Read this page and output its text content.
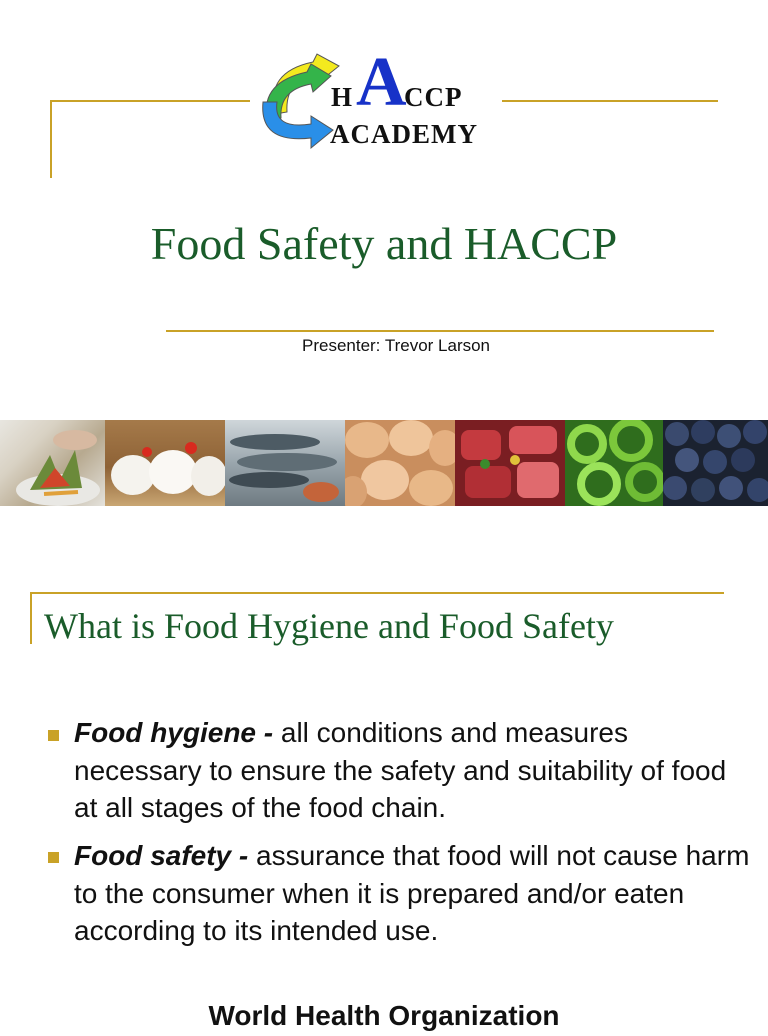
H A
CCP
ACADEMY
Food Safety and HACCP
Presenter: Trevor Larson
What is Food Hygiene and Food Safety
Food hygiene - all conditions and measures necessary to ensure the safety and suitability of food at all stages of the food chain.
Food safety - assurance that food will not cause harm to the consumer when it is prepared and/or eaten according to its intended use.
World Health Organization
